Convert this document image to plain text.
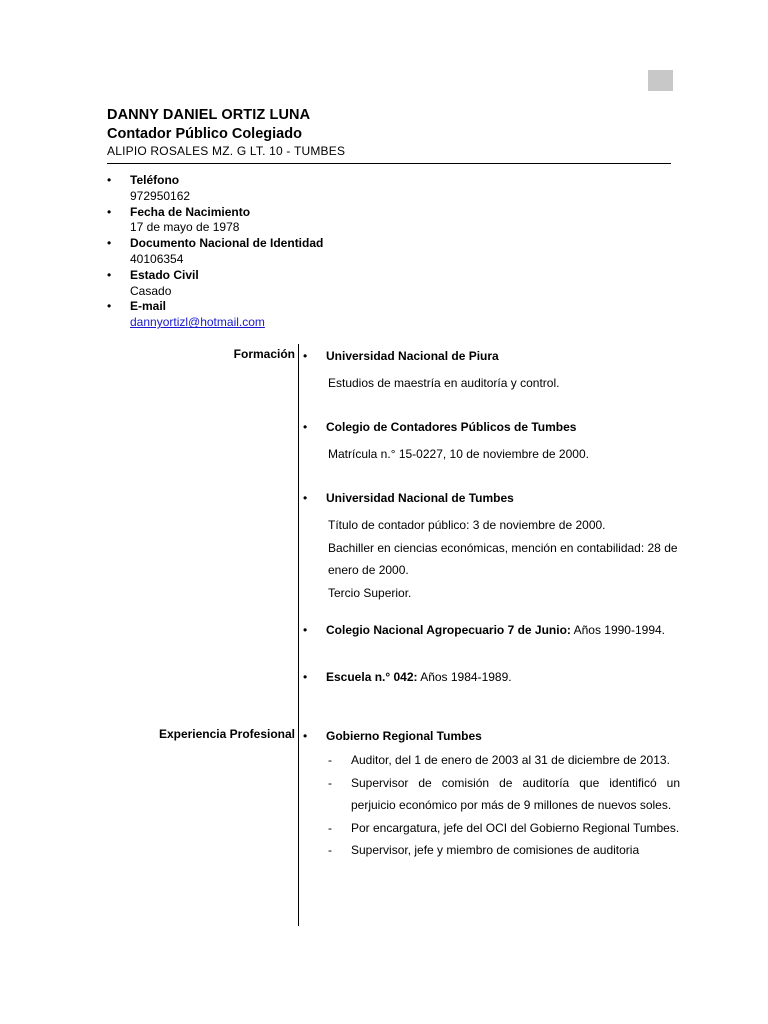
DANNY DANIEL ORTIZ LUNA
Contador Público Colegiado
ALIPIO ROSALES MZ. G LT. 10 - TUMBES
• Teléfono
972950162
• Fecha de Nacimiento
17 de mayo de 1978
• Documento Nacional de Identidad
40106354
• Estado Civil
Casado
• E-mail
dannyortizl@hotmail.com
Formación • Universidad Nacional de Piura
Estudios de maestría en auditoría y control.
• Colegio de Contadores Públicos de Tumbes
Matrícula n.° 15-0227, 10 de noviembre de 2000.
• Universidad Nacional de Tumbes
Título de contador público: 3 de noviembre de 2000.
Bachiller en ciencias económicas, mención en contabilidad: 28 de enero de 2000.
Tercio Superior.
• Colegio Nacional Agropecuario 7 de Junio: Años 1990-1994.
• Escuela n.° 042: Años 1984-1989.
Experiencia Profesional • Gobierno Regional Tumbes
- Auditor, del 1 de enero de 2003 al 31 de diciembre de 2013.
- Supervisor de comisión de auditoría que identificó un perjuicio económico por más de 9 millones de nuevos soles.
- Por encargatura, jefe del OCI del Gobierno Regional Tumbes.
- Supervisor, jefe y miembro de comisiones de auditoria
